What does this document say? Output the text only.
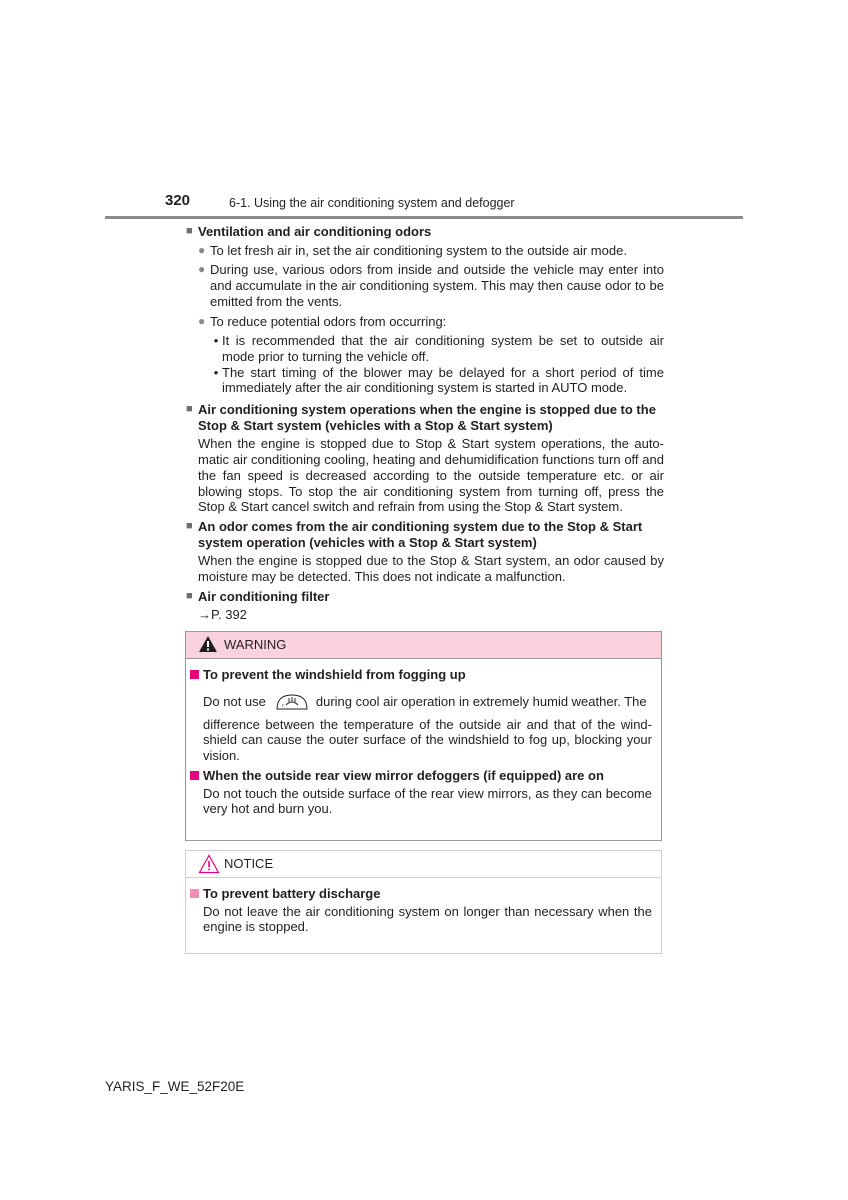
320	6-1. Using the air conditioning system and defogger
■ Ventilation and air conditioning odors
● To let fresh air in, set the air conditioning system to the outside air mode.
● During use, various odors from inside and outside the vehicle may enter into and accumulate in the air conditioning system. This may then cause odor to be emitted from the vents.
● To reduce potential odors from occurring:
• It is recommended that the air conditioning system be set to outside air mode prior to turning the vehicle off.
• The start timing of the blower may be delayed for a short period of time immediately after the air conditioning system is started in AUTO mode.
■ Air conditioning system operations when the engine is stopped due to the Stop & Start system (vehicles with a Stop & Start system)
When the engine is stopped due to Stop & Start system operations, the auto-matic air conditioning cooling, heating and dehumidification functions turn off and the fan speed is decreased according to the outside temperature etc. or air blowing stops. To stop the air conditioning system from turning off, press the Stop & Start cancel switch and refrain from using the Stop & Start system.
■ An odor comes from the air conditioning system due to the Stop & Start system operation (vehicles with a Stop & Start system)
When the engine is stopped due to the Stop & Start system, an odor caused by moisture may be detected. This does not indicate a malfunction.
■ Air conditioning filter
→P. 392
WARNING
To prevent the windshield from fogging up
Do not use	F during cool air operation in extremely humid weather. The
difference between the temperature of the outside air and that of the wind-shield can cause the outer surface of the windshield to fog up, blocking your vision.
When the outside rear view mirror defoggers (if equipped) are on
Do not touch the outside surface of the rear view mirrors, as they can become very hot and burn you.
NOTICE
To prevent battery discharge
Do not leave the air conditioning system on longer than necessary when the engine is stopped.
YARIS_F_WE_52F20E
